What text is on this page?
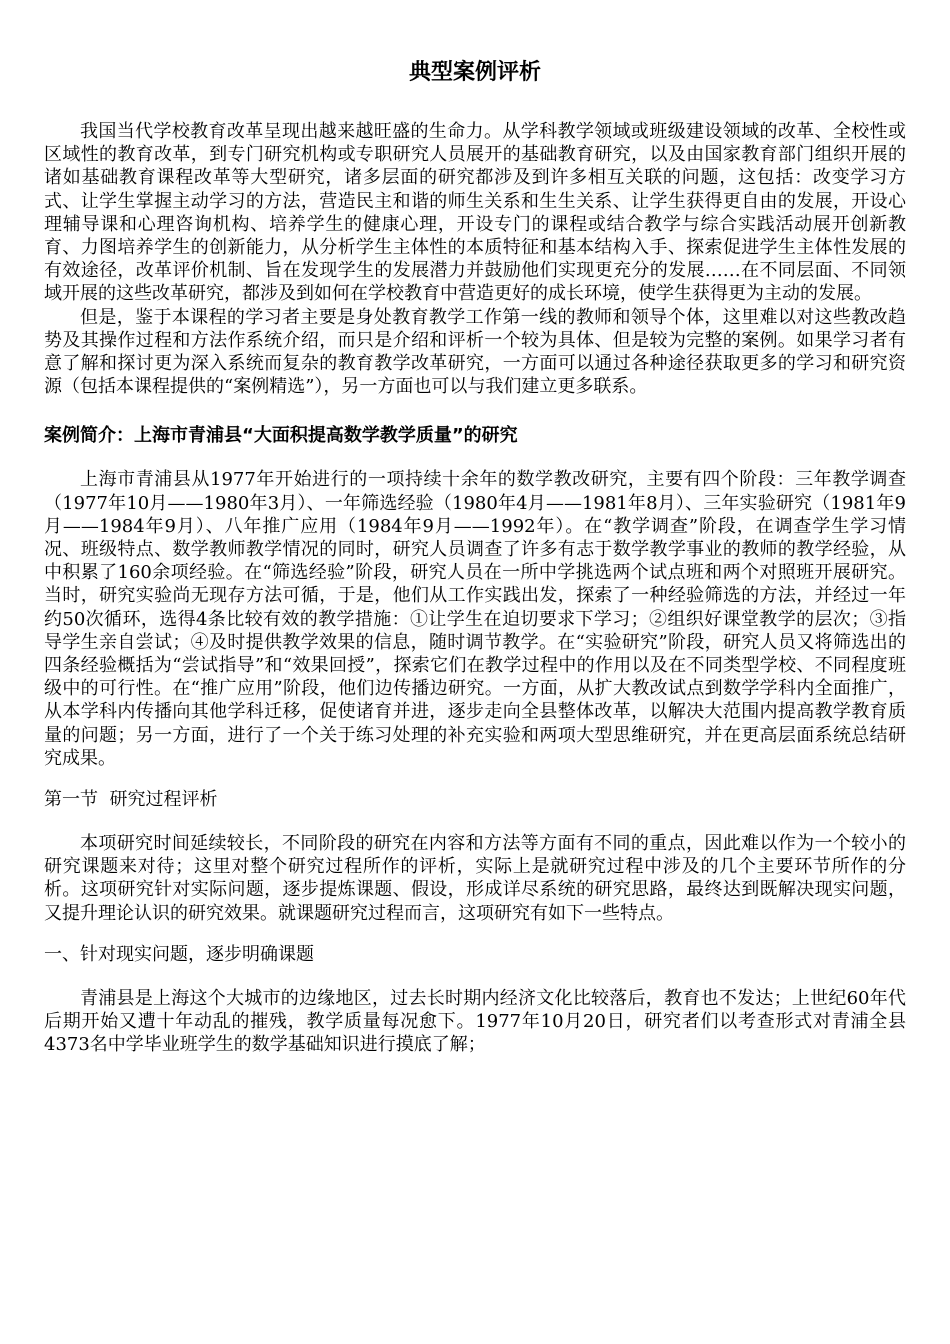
典型案例评析

我国当代学校教育改革呈现出越来越旺盛的生命力。从学科教学领域或班级建设领域的改革、全校性或区域性的教育改革，到专门研究机构或专职研究人员展开的基础教育研究，以及由国家教育部门组织开展的诸如基础教育课程改革等大型研究，诸多层面的研究都涉及到许多相互关联的问题，这包括：改变学习方式、让学生掌握主动学习的方法，营造民主和谐的师生关系和生生关系、让学生获得更自由的发展，开设心理辅导课和心理咨询机构、培养学生的健康心理，开设专门的课程或结合教学与综合实践活动展开创新教育、力图培养学生的创新能力，从分析学生主体性的本质特征和基本结构入手、探索促进学生主体性发展的有效途径，改革评价机制、旨在发现学生的发展潜力并鼓励他们实现更充分的发展……在不同层面、不同领域开展的这些改革研究，都涉及到如何在学校教育中营造更好的成长环境，使学生获得更为主动的发展。

但是，鉴于本课程的学习者主要是身处教育教学工作第一线的教师和领导个体，这里难以对这些教改趋势及其操作过程和方法作系统介绍，而只是介绍和评析一个较为具体、但是较为完整的案例。如果学习者有意了解和探讨更为深入系统而复杂的教育教学改革研究，一方面可以通过各种途径获取更多的学习和研究资源（包括本课程提供的“案例精选”），另一方面也可以与我们建立更多联系。

案例简介：上海市青浦县“大面积提高数学教学质量”的研究

上海市青浦县从1977年开始进行的一项持续十余年的数学教改研究，主要有四个阶段：三年教学调查（1977年10月——1980年3月）、一年筛选经验（1980年4月——1981年8月）、三年实验研究（1981年9月——1984年9月）、八年推广应用（1984年9月——1992年）。在“教学调查”阶段，在调查学生学习情况、班级特点、数学教师教学情况的同时，研究人员调查了许多有志于数学教学事业的教师的教学经验，从中积累了160余项经验。在“筛选经验”阶段，研究人员在一所中学挑选两个试点班和两个对照班开展研究。当时，研究实验尚无现存方法可循，于是，他们从工作实践出发，探索了一种经验筛选的方法，并经过一年约50次循环，选得4条比较有效的教学措施：①让学生在迫切要求下学习；②组织好课堂教学的层次；③指导学生亲自尝试；④及时提供教学效果的信息，随时调节教学。在“实验研究”阶段，研究人员又将筛选出的四条经验概括为“尝试指导”和“效果回授”，探索它们在教学过程中的作用以及在不同类型学校、不同程度班级中的可行性。在“推广应用”阶段，他们边传播边研究。一方面，从扩大教改试点到数学学科内全面推广，从本学科内传播向其他学科迁移，促使诸育并进，逐步走向全县整体改革，以解决大范围内提高教学教育质量的问题；另一方面，进行了一个关于练习处理的补充实验和两项大型思维研究，并在更高层面系统总结研究成果。

第一节  研究过程评析

本项研究时间延续较长，不同阶段的研究在内容和方法等方面有不同的重点，因此难以作为一个较小的研究课题来对待；这里对整个研究过程所作的评析，实际上是就研究过程中涉及的几个主要环节所作的分析。这项研究针对实际问题，逐步提炼课题、假设，形成详尽系统的研究思路，最终达到既解决现实问题，又提升理论认识的研究效果。就课题研究过程而言，这项研究有如下一些特点。

一、针对现实问题，逐步明确课题

青浦县是上海这个大城市的边缘地区，过去长时期内经济文化比较落后，教育也不发达；上世纪60年代后期开始又遭十年动乱的摧残，教学质量每况愈下。1977年10月20日，研究者们以考查形式对青浦全县4373名中学毕业班学生的数学基础知识进行摸底了解；
